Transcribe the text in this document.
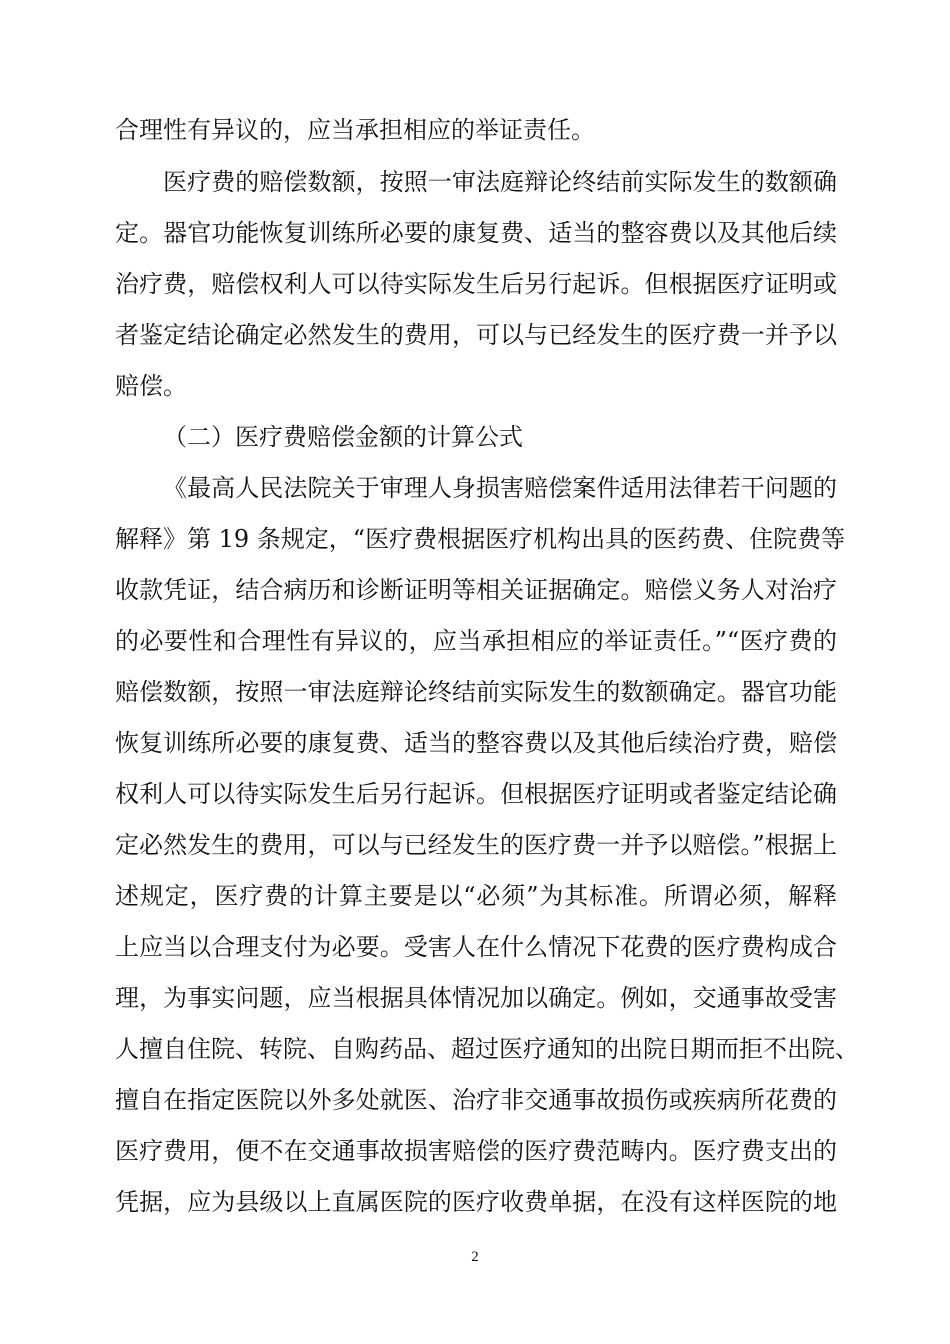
合理性有异议的，应当承担相应的举证责任。
医疗费的赔偿数额，按照一审法庭辩论终结前实际发生的数额确
定。器官功能恢复训练所必要的康复费、适当的整容费以及其他后续
治疗费，赔偿权利人可以待实际发生后另行起诉。但根据医疗证明或
者鉴定结论确定必然发生的费用，可以与已经发生的医疗费一并予以
赔偿。
（二）医疗费赔偿金额的计算公式
《最高人民法院关于审理人身损害赔偿案件适用法律若干问题的
解释》第 19 条规定，“医疗费根据医疗机构出具的医药费、住院费等
收款凭证，结合病历和诊断证明等相关证据确定。赔偿义务人对治疗
的必要性和合理性有异议的，应当承担相应的举证责任。”“医疗费的
赔偿数额，按照一审法庭辩论终结前实际发生的数额确定。器官功能
恢复训练所必要的康复费、适当的整容费以及其他后续治疗费，赔偿
权利人可以待实际发生后另行起诉。但根据医疗证明或者鉴定结论确
定必然发生的费用，可以与已经发生的医疗费一并予以赔偿。”根据上
述规定，医疗费的计算主要是以“必须”为其标准。所谓必须，解释
上应当以合理支付为必要。受害人在什么情况下花费的医疗费构成合
理，为事实问题，应当根据具体情况加以确定。例如，交通事故受害
人擅自住院、转院、自购药品、超过医疗通知的出院日期而拒不出院、
擅自在指定医院以外多处就医、治疗非交通事故损伤或疾病所花费的
医疗费用，便不在交通事故损害赔偿的医疗费范畴内。医疗费支出的
凭据，应为县级以上直属医院的医疗收费单据，在没有这样医院的地
2
